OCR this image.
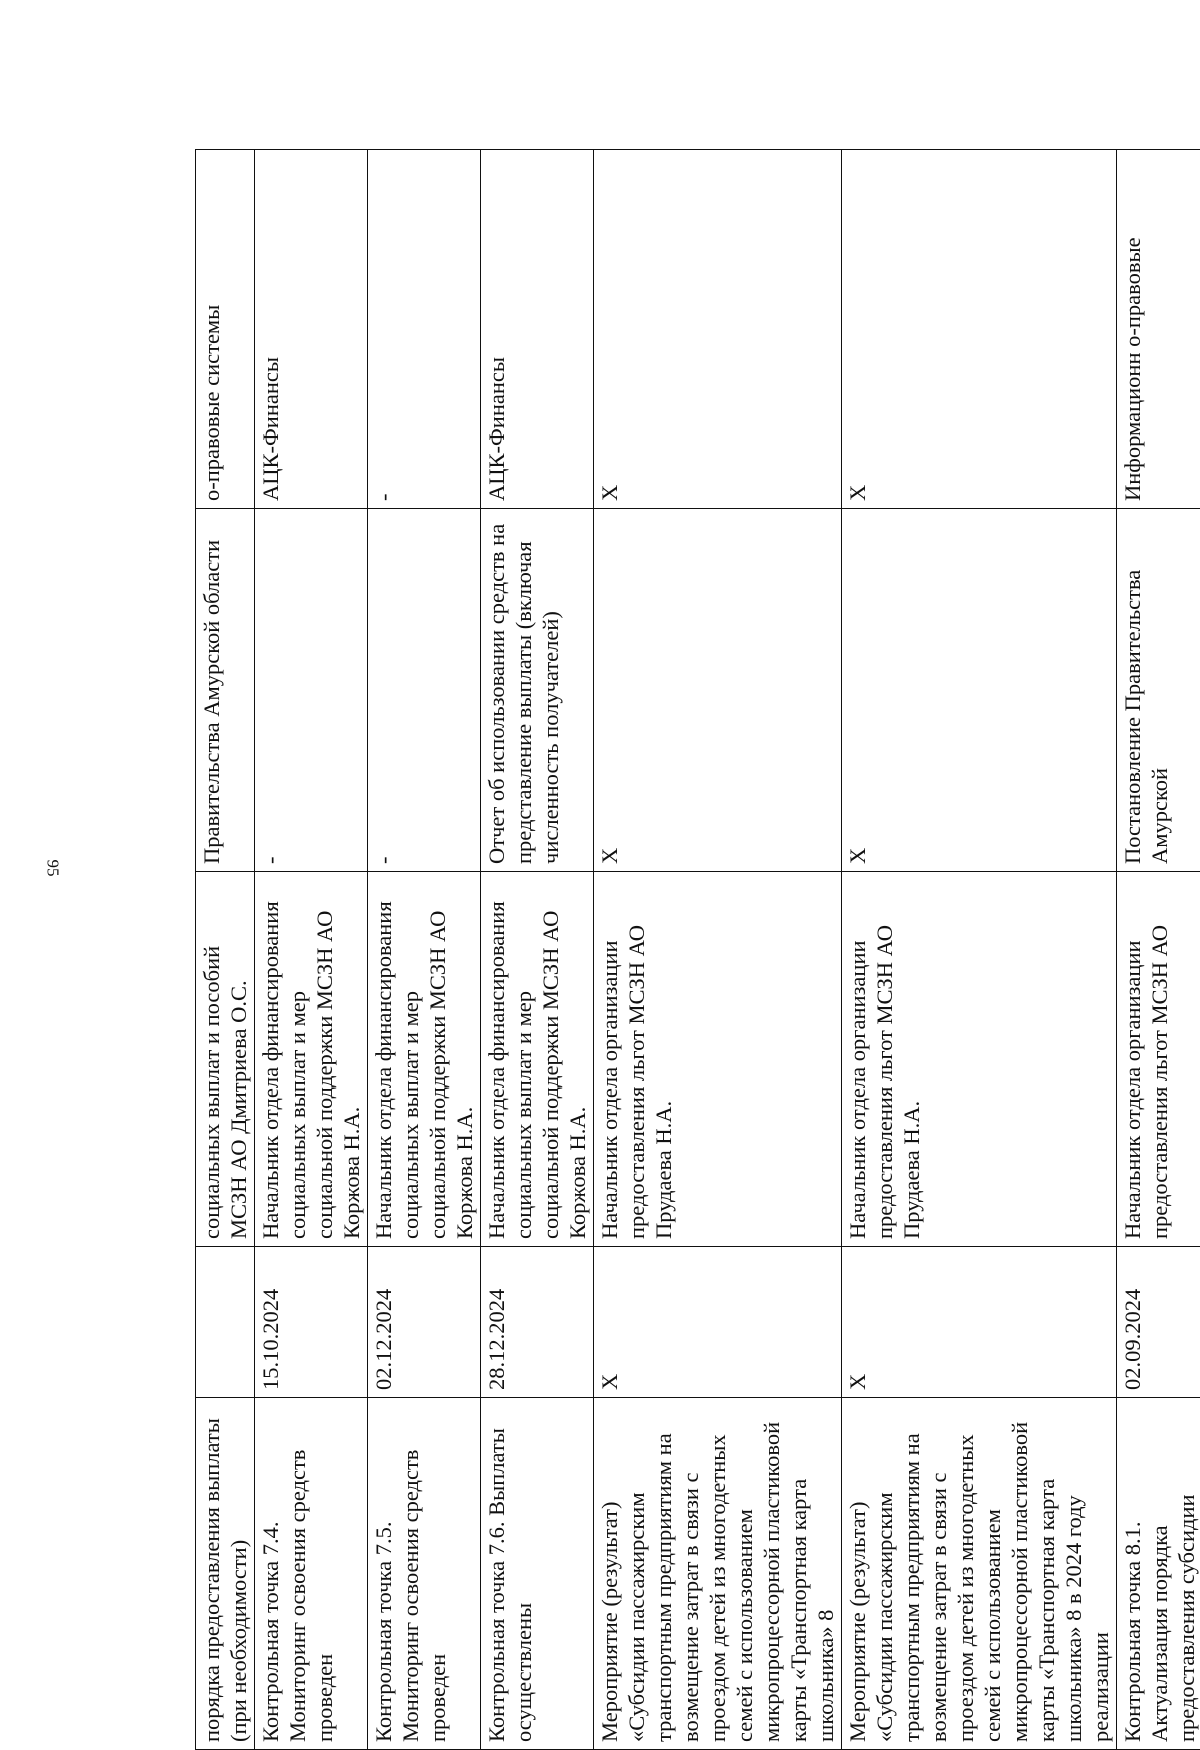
95
порядка предоставления выплаты (при необходимости)		социальных выплат и пособий МСЗН АО Дмитриева О.С.	Правительства Амурской области	о-правовые системы
Контрольная точка 7.4. Мониторинг освоения средств проведен	15.10.2024	Начальник отдела финансирования социальных выплат и мер социальной поддержки МСЗН АО Коржова Н.А.	-	АЦК-Финансы
Контрольная точка 7.5. Мониторинг освоения средств проведен	02.12.2024	Начальник отдела финансирования социальных выплат и мер социальной поддержки МСЗН АО Коржова Н.А.	-	-
Контрольная точка 7.6. Выплаты осуществлены	28.12.2024	Начальник отдела финансирования социальных выплат и мер социальной поддержки МСЗН АО Коржова Н.А.	Отчет об использовании средств на представление выплаты (включая численность получателей)	АЦК-Финансы
Мероприятие (результат) «Субсидии пассажирским транспортным предприятиям на возмещение затрат в связи с проездом детей из многодетных семей с использованием микропроцессорной пластиковой карты «Транспортная карта школьника» 8	X	Начальник отдела организации предоставления льгот МСЗН АО Прудаева Н.А.	X	X
Мероприятие (результат) «Субсидии пассажирским транспортным предприятиям на возмещение затрат в связи с проездом детей из многодетных семей с использованием микропроцессорной пластиковой карты «Транспортная карта школьника» 8 в 2024 году реализации	X	Начальник отдела организации предоставления льгот МСЗН АО Прудаева Н.А.	X	X
Контрольная точка 8.1. Актуализация порядка предоставления субсидии	02.09.2024	Начальник отдела организации предоставления льгот МСЗН АО	Постановление Правительства Амурской	Информационн о-правовые
